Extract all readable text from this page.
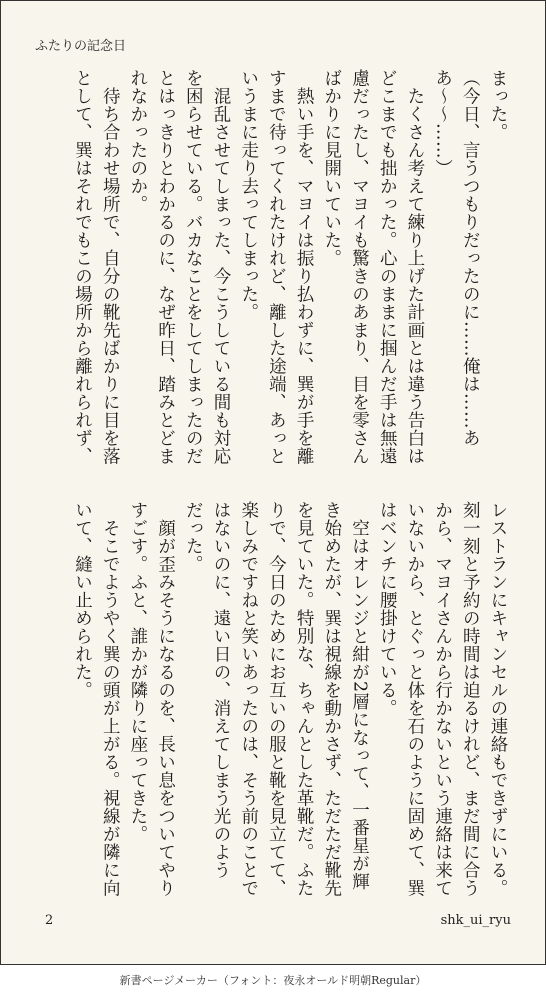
ふたりの記念日
まった。
（今日、言うつもりだったのに……俺は……あ
あ〜〜……）
　たくさん考えて練り上げた計画とは違う告白は
どこまでも拙かった。心のままに掴んだ手は無遠
慮だったし、マヨイも驚きのあまり、目を零さん
ばかりに見開いていた。
　熱い手を、マヨイは振り払わずに、巽が手を離
すまで待ってくれたけれど、離した途端、あっと
いうまに走り去ってしまった。
　混乱させてしまった、今こうしている間も対応
を困らせている。バカなことをしてしまったのだ
とはっきりとわかるのに、なぜ昨日、踏みとどま
れなかったのか。
　待ち合わせ場所で、自分の靴先ばかりに目を落
として、巽はそれでもこの場所から離れられず、
レストランにキャンセルの連絡もできずにいる。
刻一刻と予約の時間は迫るけれど、まだ間に合う
から、マヨイさんから行かないという連絡は来て
いないから、とぐっと体を石のように固めて、巽
はベンチに腰掛けている。
　空はオレンジと紺が2層になって、一番星が輝
き始めたが、巽は視線を動かさず、ただただ靴先
を見ていた。特別な、ちゃんとした革靴だ。ふた
りで、今日のためにお互いの服と靴を見立てて、
楽しみですねと笑いあったのは、そう前のことで
はないのに、遠い日の、消えてしまう光のよう
だった。
　顔が歪みそうになるのを、長い息をついてやり
すごす。ふと、誰かが隣りに座ってきた。
　そこでようやく巽の頭が上がる。視線が隣に向
いて、縫い止められた。
2	shk_ui_ryu
新書ページメーカー（フォント：夜永オールド明朝Regular）
